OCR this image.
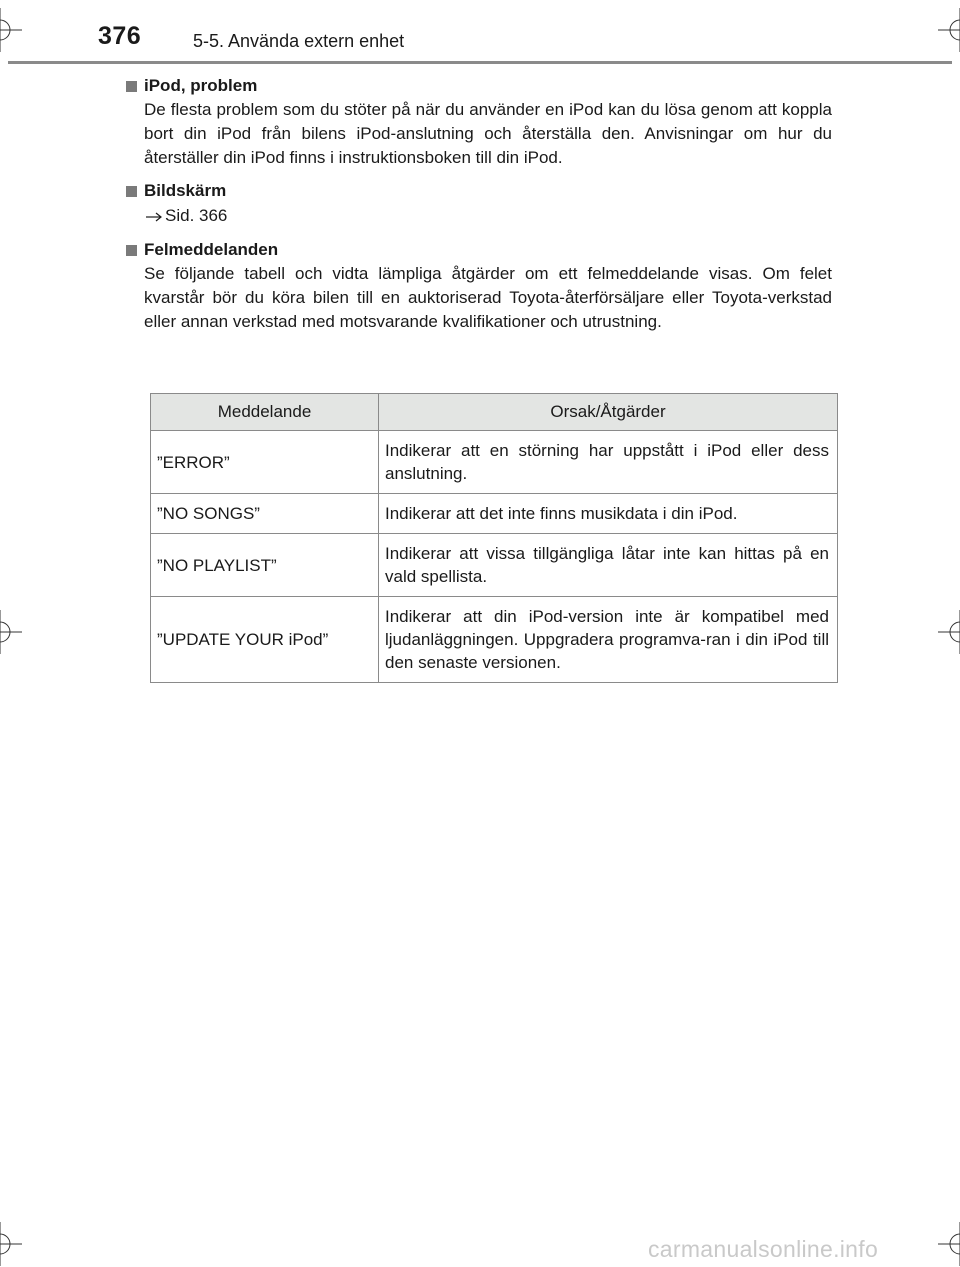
376	5-5. Använda extern enhet
iPod, problem
De flesta problem som du stöter på när du använder en iPod kan du lösa genom att koppla bort din iPod från bilens iPod-anslutning och återställa den. Anvisningar om hur du återställer din iPod finns i instruktionsboken till din iPod.
Bildskärm
Sid. 366
Felmeddelanden
Se följande tabell och vidta lämpliga åtgärder om ett felmeddelande visas. Om felet kvarstår bör du köra bilen till en auktoriserad Toyota-återförsäljare eller Toyota-verkstad eller annan verkstad med motsvarande kvalifikationer och utrustning.
Meddelande	Orsak/Åtgärder
”ERROR”	Indikerar att en störning har uppstått i iPod eller dess anslutning.
”NO SONGS”	Indikerar att det inte finns musikdata i din iPod.
”NO PLAYLIST”	Indikerar att vissa tillgängliga låtar inte kan hittas på en vald spellista.
”UPDATE YOUR iPod”	Indikerar att din iPod-version inte är kompatibel med ljudanläggningen. Uppgradera programva-ran i din iPod till den senaste versionen.
carmanualsonline.info
